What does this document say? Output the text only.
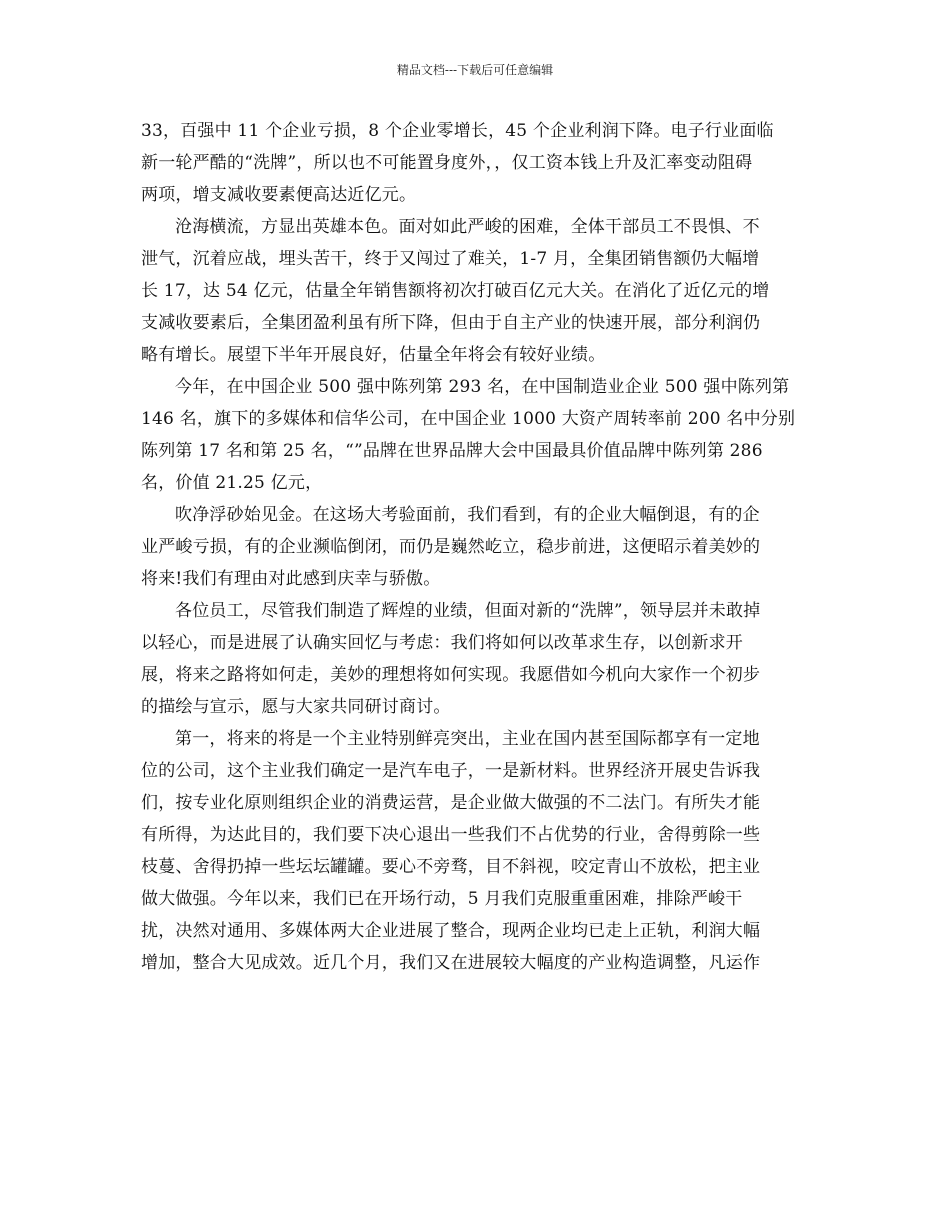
精品文档---下载后可任意编辑
33，百强中 11 个企业亏损，8 个企业零增长，45 个企业利润下降。电子行业面临
新一轮严酷的“洗牌”，所以也不可能置身度外，，仅工资本钱上升及汇率变动阻碍
两项，增支减收要素便高达近亿元。
沧海横流，方显出英雄本色。面对如此严峻的困难，全体干部员工不畏惧、不
泄气，沉着应战，埋头苦干，终于又闯过了难关，1-7 月，全集团销售额仍大幅增
长 17，达 54 亿元，估量全年销售额将初次打破百亿元大关。在消化了近亿元的增
支减收要素后，全集团盈利虽有所下降，但由于自主产业的快速开展，部分利润仍
略有增长。展望下半年开展良好，估量全年将会有较好业绩。
今年，在中国企业 500 强中陈列第 293 名，在中国制造业企业 500 强中陈列第
146 名，旗下的多媒体和信华公司，在中国企业 1000 大资产周转率前 200 名中分别
陈列第 17 名和第 25 名，“”品牌在世界品牌大会中国最具价值品牌中陈列第 286
名，价值 21.25 亿元，
吹净浮砂始见金。在这场大考验面前，我们看到，有的企业大幅倒退，有的企
业严峻亏损，有的企业濒临倒闭，而仍是巍然屹立，稳步前进，这便昭示着美妙的
将来!我们有理由对此感到庆幸与骄傲。
各位员工，尽管我们制造了辉煌的业绩，但面对新的“洗牌”，领导层并未敢掉
以轻心，而是进展了认确实回忆与考虑：我们将如何以改革求生存，以创新求开
展，将来之路将如何走，美妙的理想将如何实现。我愿借如今机向大家作一个初步
的描绘与宣示，愿与大家共同研讨商讨。
第一，将来的将是一个主业特别鲜亮突出，主业在国内甚至国际都享有一定地
位的公司，这个主业我们确定一是汽车电子，一是新材料。世界经济开展史告诉我
们，按专业化原则组织企业的消费运营，是企业做大做强的不二法门。有所失才能
有所得，为达此目的，我们要下决心退出一些我们不占优势的行业，舍得剪除一些
枝蔓、舍得扔掉一些坛坛罐罐。要心不旁骛，目不斜视，咬定青山不放松，把主业
做大做强。今年以来，我们已在开场行动，5 月我们克服重重困难，排除严峻干
扰，决然对通用、多媒体两大企业进展了整合，现两企业均已走上正轨，利润大幅
增加，整合大见成效。近几个月，我们又在进展较大幅度的产业构造调整，凡运作
